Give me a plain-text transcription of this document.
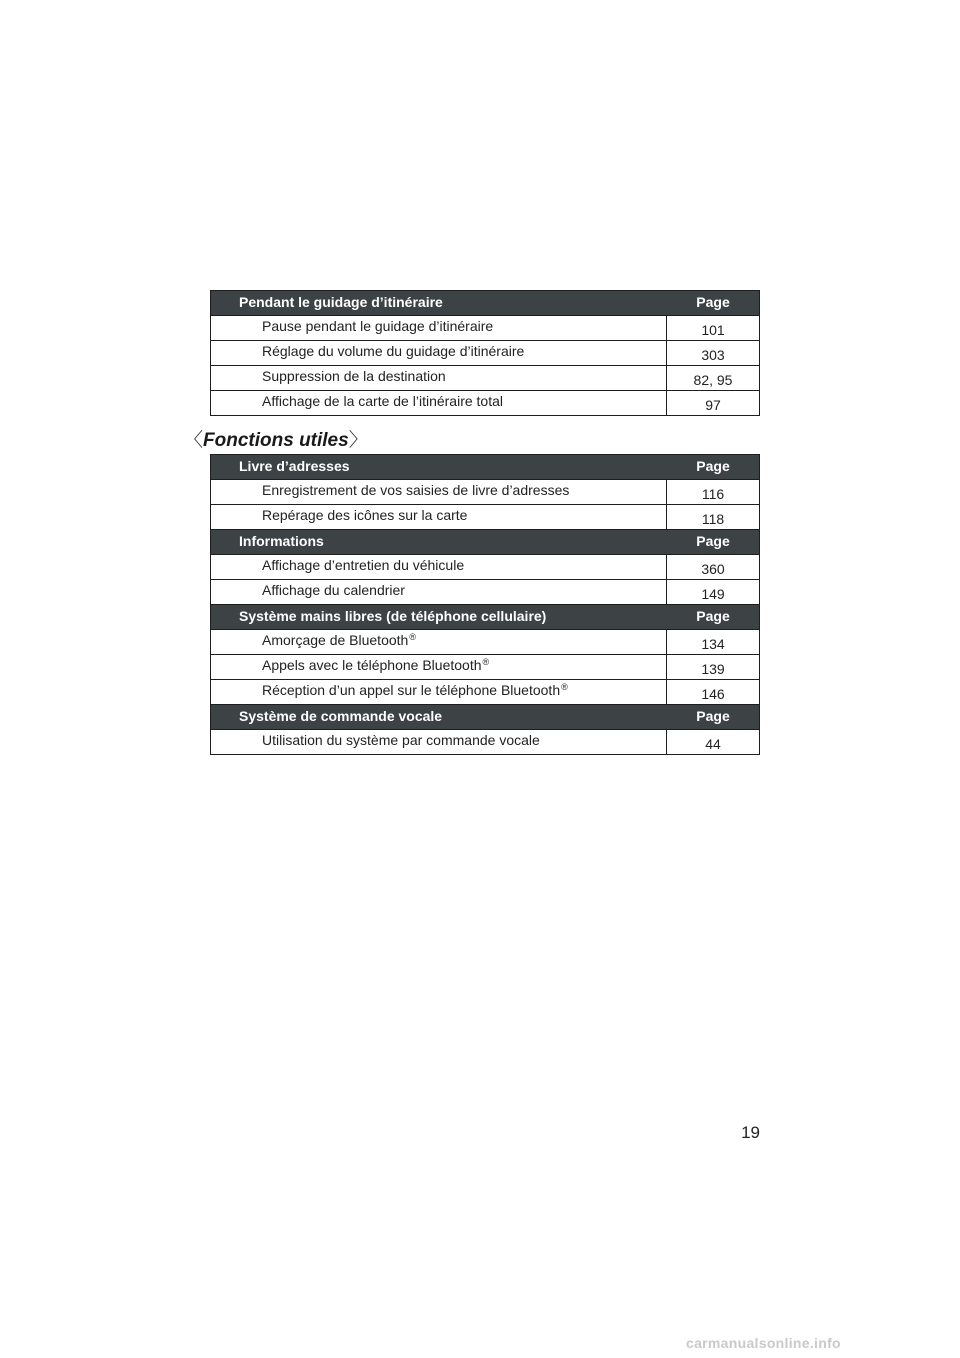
Pendant le guidage d’itinéraire	Page
Pause pendant le guidage d’itinéraire	101
Réglage du volume du guidage d’itinéraire	303
Suppression de la destination	82, 95
Affichage de la carte de l’itinéraire total	97
〈Fonctions utiles〉
Livre d’adresses	Page
Enregistrement de vos saisies de livre d’adresses	116
Repérage des icônes sur la carte	118
Informations	Page
Affichage d’entretien du véhicule	360
Affichage du calendrier	149
Système mains libres (de téléphone cellulaire)	Page
Amorçage de Bluetooth®	134
Appels avec le téléphone Bluetooth®	139
Réception d’un appel sur le téléphone Bluetooth®	146
Système de commande vocale	Page
Utilisation du système par commande vocale	44
19
carmanualsonline.info
